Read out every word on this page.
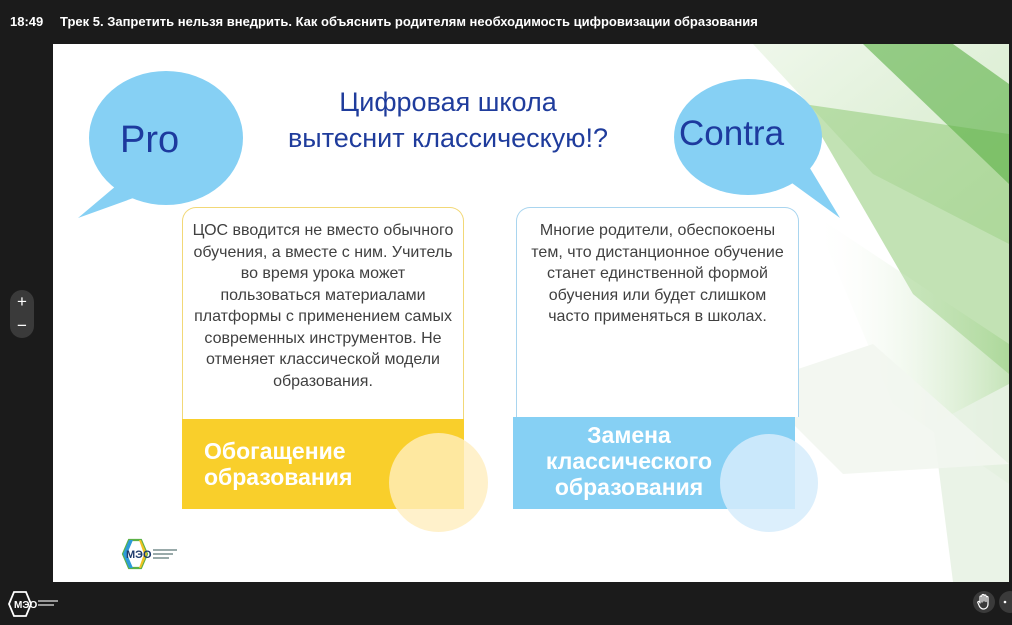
18:49 Трек 5. Запретить нельзя внедрить. Как объяснить родителям необходимость цифровизации образования
Pro	Contra
Цифровая школа
вытеснит классическую!?
ЦОС вводится не вместо обычного обучения, а вместе с ним. Учитель во время урока может пользоваться материалами платформы с применением самых современных инструментов. Не отменяет классической модели образования.
Обогащение
образования
Многие родители, обеспокоены тем, что дистанционное обучение станет единственной формой обучения или будет слишком часто применяться в школах.
Замена
классического
образования
МЭО
+
−
МЭО
